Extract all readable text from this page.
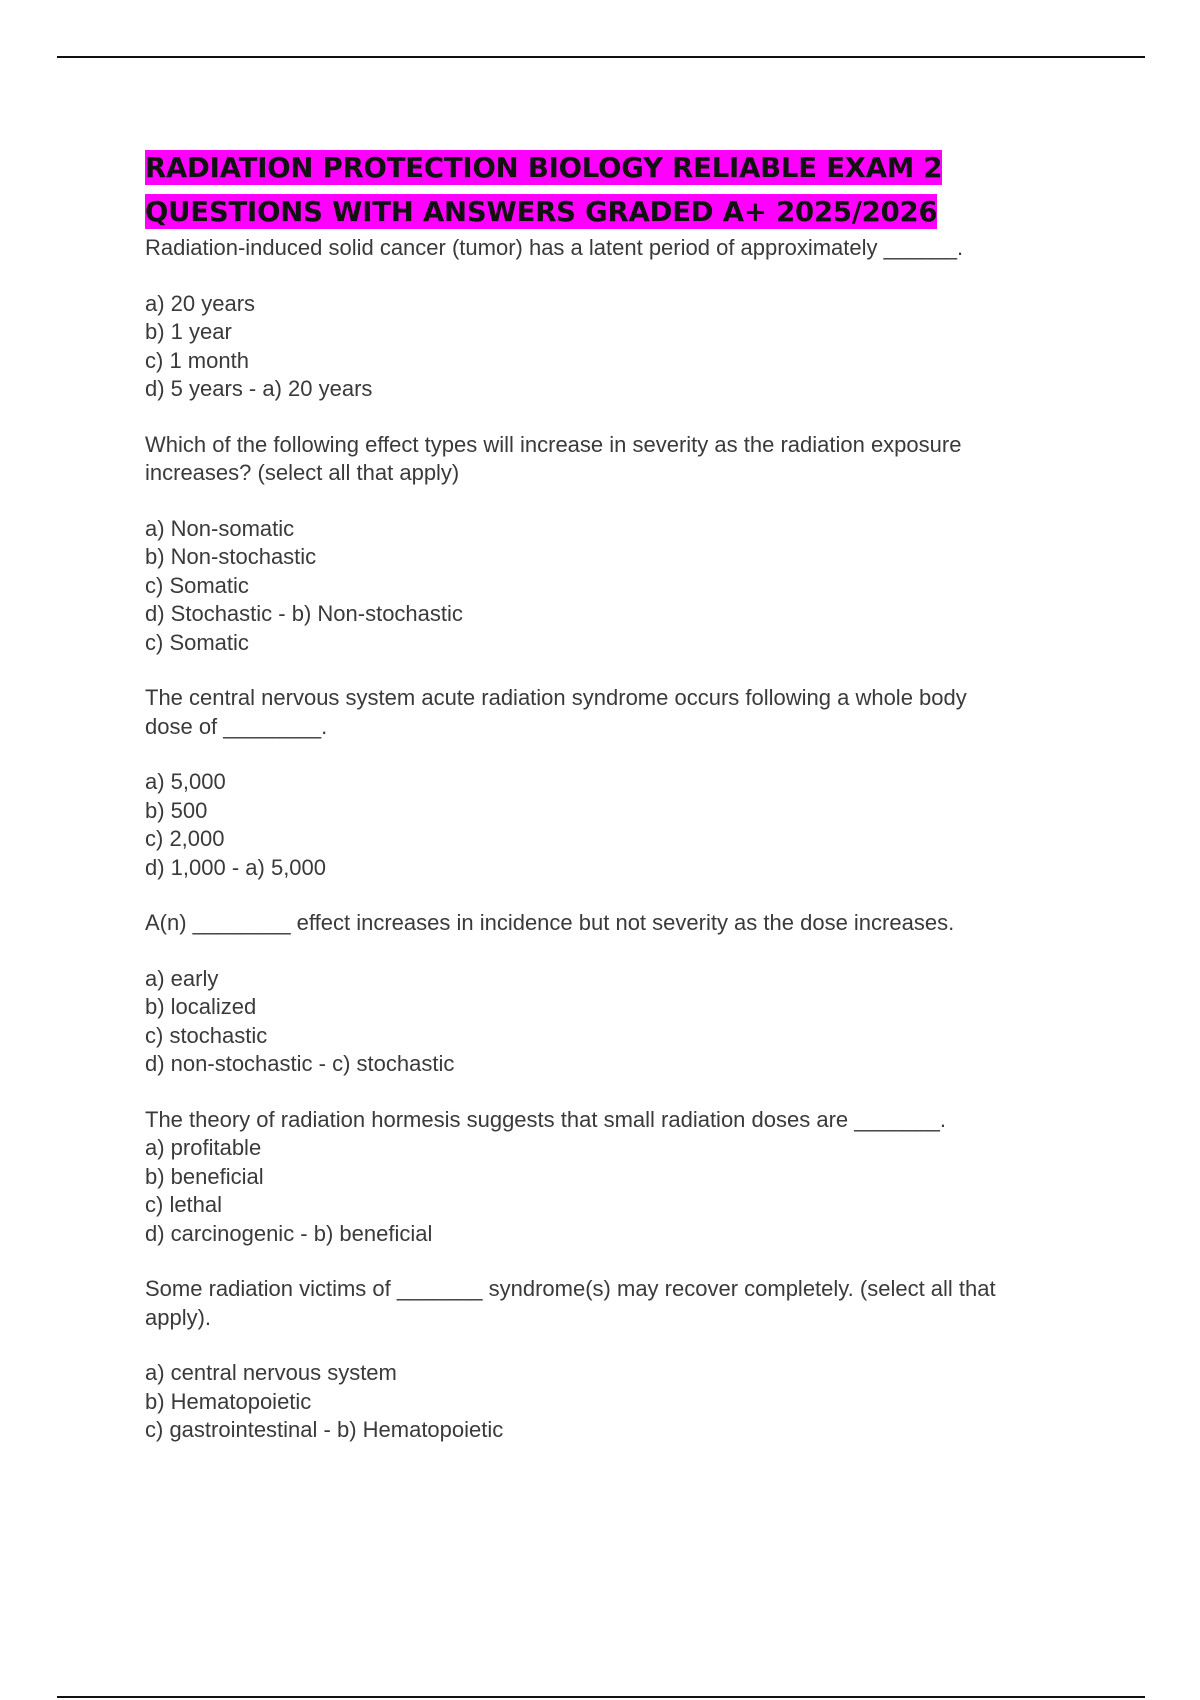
RADIATION PROTECTION BIOLOGY RELIABLE EXAM 2
QUESTIONS WITH ANSWERS GRADED A+ 2025/2026

Radiation-induced solid cancer (tumor) has a latent period of approximately ______.

a) 20 years
b) 1 year
c) 1 month
d) 5 years - a) 20 years

Which of the following effect types will increase in severity as the radiation exposure
increases? (select all that apply)

a) Non-somatic
b) Non-stochastic
c) Somatic
d) Stochastic - b) Non-stochastic
c) Somatic

The central nervous system acute radiation syndrome occurs following a whole body
dose of ________.

a) 5,000
b) 500
c) 2,000
d) 1,000 - a) 5,000

A(n) ________ effect increases in incidence but not severity as the dose increases.

a) early
b) localized
c) stochastic
d) non-stochastic - c) stochastic

The theory of radiation hormesis suggests that small radiation doses are _______.

a) profitable
b) beneficial
c) lethal
d) carcinogenic - b) beneficial

Some radiation victims of _______ syndrome(s) may recover completely. (select all that
apply).

a) central nervous system
b) Hematopoietic
c) gastrointestinal - b) Hematopoietic
